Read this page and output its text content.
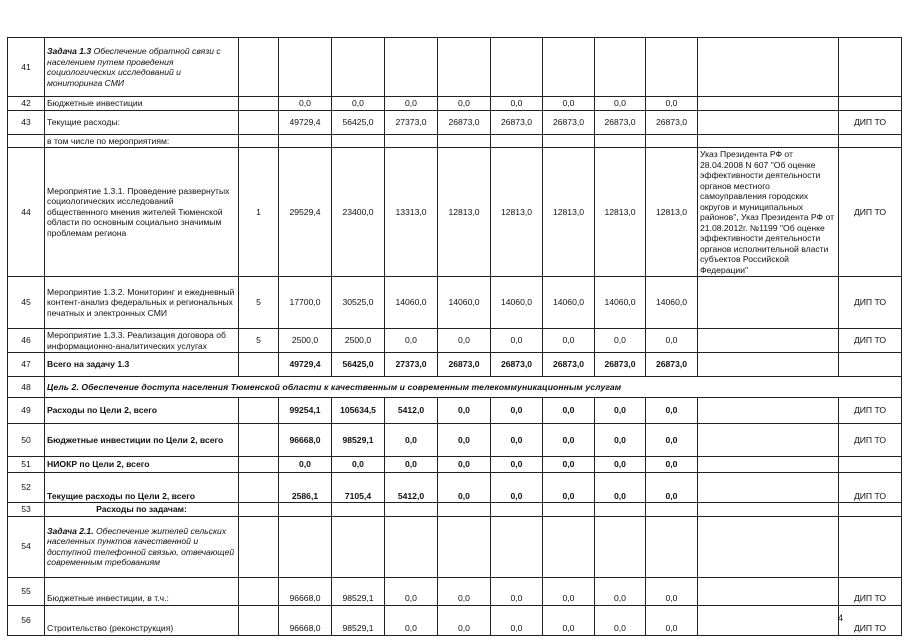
41	Задача 1.3 Обеспечение обратной связи с населением путем проведения социологических исследований и мониторинга СМИ											
42	Бюджетные инвестиции		0,0	0,0	0,0	0,0	0,0	0,0	0,0	0,0		
43	Текущие расходы:		49729,4	56425,0	27373,0	26873,0	26873,0	26873,0	26873,0	26873,0		ДИП ТО
	в том числе по мероприятиям:											
44	Мероприятие 1.3.1. Проведение развернутых социологических исследований общественного мнения жителей Тюменской области по основным социально значимым проблемам региона	1	29529,4	23400,0	13313,0	12813,0	12813,0	12813,0	12813,0	12813,0	Указ Президента РФ от 28.04.2008 N 607 "Об оценке эффективности деятельности органов местного самоуправления городских округов и муниципальных районов", Указ Президента РФ от 21.08.2012г. №1199 "Об оценке эффективности деятельности органов исполнительной власти субъектов Российской Федерации"	ДИП ТО
45	Мероприятие 1.3.2. Мониторинг и ежедневный контент-анализ федеральных и региональных печатных и электронных СМИ	5	17700,0	30525,0	14060,0	14060,0	14060,0	14060,0	14060,0	14060,0		ДИП ТО
46	Мероприятие 1.3.3. Реализация договора об информационно-аналитических услугах	5	2500,0	2500,0	0,0	0,0	0,0	0,0	0,0	0,0		ДИП ТО
47	Всего на задачу 1.3		49729,4	56425,0	27373,0	26873,0	26873,0	26873,0	26873,0	26873,0		
48	Цель 2. Обеспечение доступа населения Тюменской области к качественным и современным телекоммуникационным услугам											
49	Расходы по Цели 2, всего		99254,1	105634,5	5412,0	0,0	0,0	0,0	0,0	0,0		ДИП ТО
50	Бюджетные инвестиции по Цели 2, всего		96668,0	98529,1	0,0	0,0	0,0	0,0	0,0	0,0		ДИП ТО
51	НИОКР по Цели 2, всего		0,0	0,0	0,0	0,0	0,0	0,0	0,0	0,0		
52	Текущие расходы по Цели 2, всего		2586,1	7105,4	5412,0	0,0	0,0	0,0	0,0	0,0		ДИП ТО
53	Расходы по задачам:											
54	Задача 2.1. Обеспечение жителей сельских населенных пунктов качественной и доступной телефонной связью, отвечающей современным требованиям											
55	Бюджетные инвестиции, в т.ч.:		96668,0	98529,1	0,0	0,0	0,0	0,0	0,0	0,0		ДИП ТО
56	Строительство (реконструкция)		96668,0	98529,1	0,0	0,0	0,0	0,0	0,0	0,0		ДИП ТО
4
